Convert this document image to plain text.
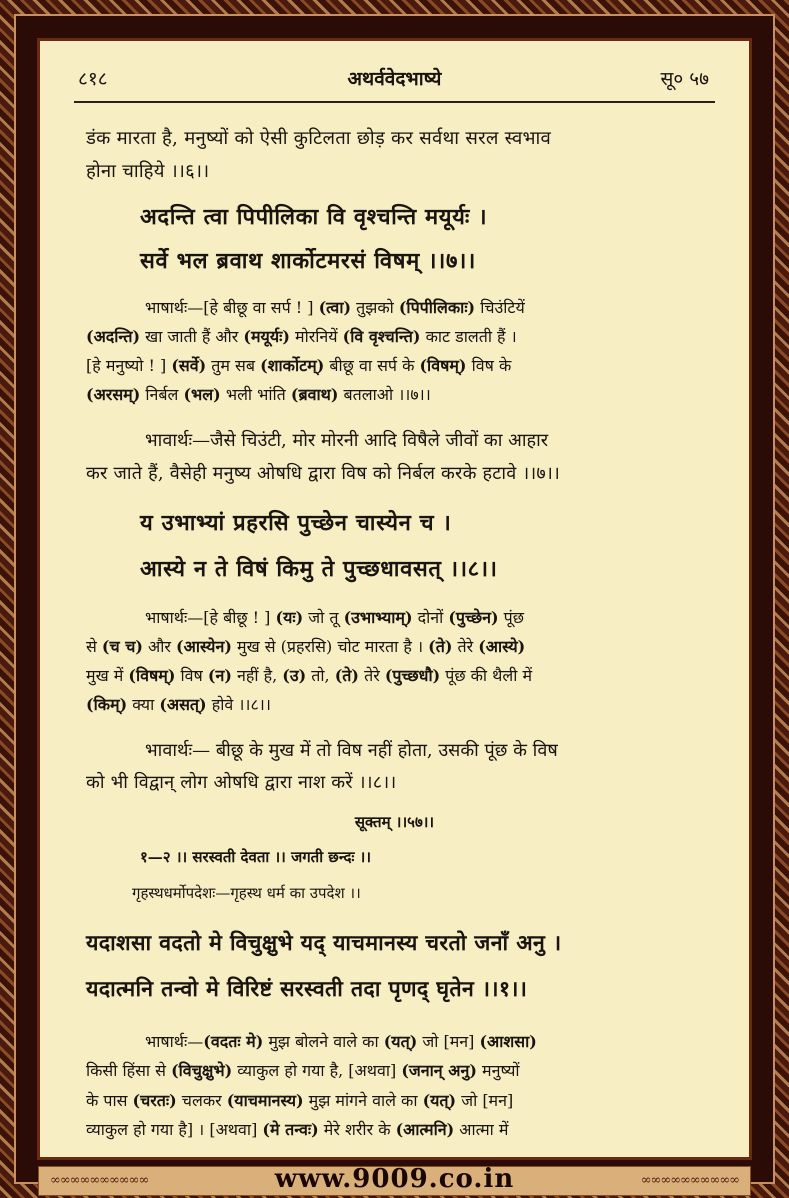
८१८	अथर्ववेदभाष्ये	सू० ५७
डंक मारता है, मनुष्यों को ऐसी कुटिलता छोड़ कर सर्वथा सरल स्वभाव
होना चाहिये ।।६।।
अदन्ति त्वा पिपीलिका वि वृश्चन्ति मयूर्यः ।
सर्वे भल ब्रवाथ शार्कोटमरसं विषम् ।।७।।
भाषार्थः—[हे बीछू वा सर्प ! ] (त्वा) तुझको (पिपीलिकाः) चिउंटियें
(अदन्ति) खा जाती हैं और (मयूर्यः) मोरनियें (वि वृश्चन्ति) काट डालती हैं ।
[हे मनुष्यो ! ] (सर्वे) तुम सब (शार्कोटम्) बीछू वा सर्प के (विषम्) विष के
(अरसम्) निर्बल (भल) भली भांति (ब्रवाथ) बतलाओ ।।७।।
भावार्थः—जैसे चिउंटी, मोर मोरनी आदि विषैले जीवों का आहार
कर जाते हैं, वैसेही मनुष्य ओषधि द्वारा विष को निर्बल करके हटावे ।।७।।
य उभाभ्यां प्रहरसि पुच्छेन चास्येन च ।
आस्ये न ते विषं किमु ते पुच्छधावसत् ।।८।।
भाषार्थः—[हे बीछू ! ] (यः) जो तू (उभाभ्याम्) दोनों (पुच्छेन) पूंछ
से (च च) और (आस्येन) मुख से (प्रहरसि) चोट मारता है । (ते) तेरे (आस्ये)
मुख में (विषम्) विष (न) नहीं है, (उ) तो, (ते) तेरे (पुच्छधौ) पूंछ की थैली में
(किम्) क्या (असत्) होवे ।।८।।
भावार्थः— बीछू के मुख में तो विष नहीं होता, उसकी पूंछ के विष
को भी विद्वान् लोग ओषधि द्वारा नाश करें ।।८।।
सूक्तम् ।।५७।।
१—२ ।। सरस्वती देवता ।। जगती छन्दः ।।
गृहस्थधर्मोपदेशः—गृहस्थ धर्म का उपदेश ।।
यदाशसा वदतो मे विचुक्षुभे यद् याचमानस्य चरतो जनाँ अनु ।
यदात्मनि तन्वो मे विरिष्टं सरस्वती तदा पृणद् घृतेन ।।१।।
भाषार्थः—(वदतः मे) मुझ बोलने वाले का (यत्) जो [मन] (आशसा)
किसी हिंसा से (विचुक्षुभे) व्याकुल हो गया है, [अथवा] (जनान् अनु) मनुष्यों
के पास (चरतः) चलकर (याचमानस्य) मुझ मांगने वाले का (यत्) जो [मन]
व्याकुल हो गया है] । [अथवा] (मे तन्वः) मेरे शरीर के (आत्मनि) आत्मा में
∞∞∞∞∞∞∞∞∞∞	∞∞∞∞∞∞∞∞∞∞
www.9009.co.in
